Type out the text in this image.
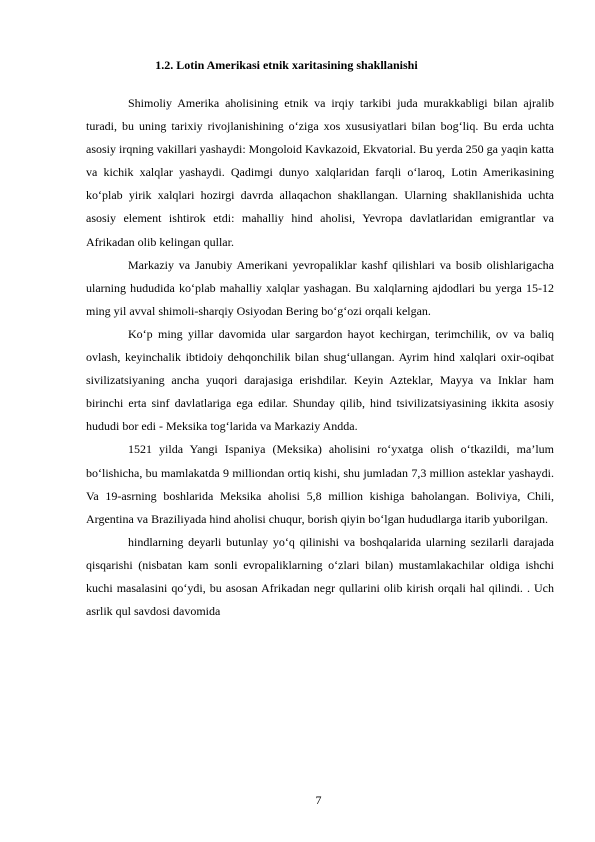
1.2. Lotin Amerikasi etnik xaritasining shakllanishi

Shimoliy Amerika aholisining etnik va irqiy tarkibi juda murakkabligi bilan ajralib turadi, bu uning tarixiy rivojlanishining o‘ziga xos xususiyatlari bilan bog‘liq. Bu erda uchta asosiy irqning vakillari yashaydi: Mongoloid Kavkazoid, Ekvatorial. Bu yerda 250 ga yaqin katta va kichik xalqlar yashaydi. Qadimgi dunyo xalqlaridan farqli o‘laroq, Lotin Amerikasining ko‘plab yirik xalqlari hozirgi davrda allaqachon shakllangan. Ularning shakllanishida uchta asosiy element ishtirok etdi: mahalliy hind aholisi, Yevropa davlatlaridan emigrantlar va Afrikadan olib kelingan qullar.

Markaziy va Janubiy Amerikani yevropaliklar kashf qilishlari va bosib olishlarigacha ularning hududida ko‘plab mahalliy xalqlar yashagan. Bu xalqlarning ajdodlari bu yerga 15-12 ming yil avval shimoli-sharqiy Osiyodan Bering bo‘g‘ozi orqali kelgan.

Ko‘p ming yillar davomida ular sargardon hayot kechirgan, terimchilik, ov va baliq ovlash, keyinchalik ibtidoiy dehqonchilik bilan shug‘ullangan. Ayrim hind xalqlari oxir-oqibat sivilizatsiyaning ancha yuqori darajasiga erishdilar. Keyin Azteklar, Mayya va Inklar ham birinchi erta sinf davlatlariga ega edilar. Shunday qilib, hind tsivilizatsiyasining ikkita asosiy hududi bor edi - Meksika tog‘larida va Markaziy Andda.

1521 yilda Yangi Ispaniya (Meksika) aholisini ro‘yxatga olish o‘tkazildi, ma’lum bo‘lishicha, bu mamlakatda 9 milliondan ortiq kishi, shu jumladan 7,3 million asteklar yashaydi. Va 19-asrning boshlarida Meksika aholisi 5,8 million kishiga baholangan. Boliviya, Chili, Argentina va Braziliyada hind aholisi chuqur, borish qiyin bo‘lgan hududlarga itarib yuborilgan.

hindlarning deyarli butunlay yo‘q qilinishi va boshqalarida ularning sezilarli darajada qisqarishi (nisbatan kam sonli evropaliklarning o‘zlari bilan) mustamlakachilar oldiga ishchi kuchi masalasini qo‘ydi, bu asosan Afrikadan negr qullarini olib kirish orqali hal qilindi. . Uch asrlik qul savdosi davomida

7
